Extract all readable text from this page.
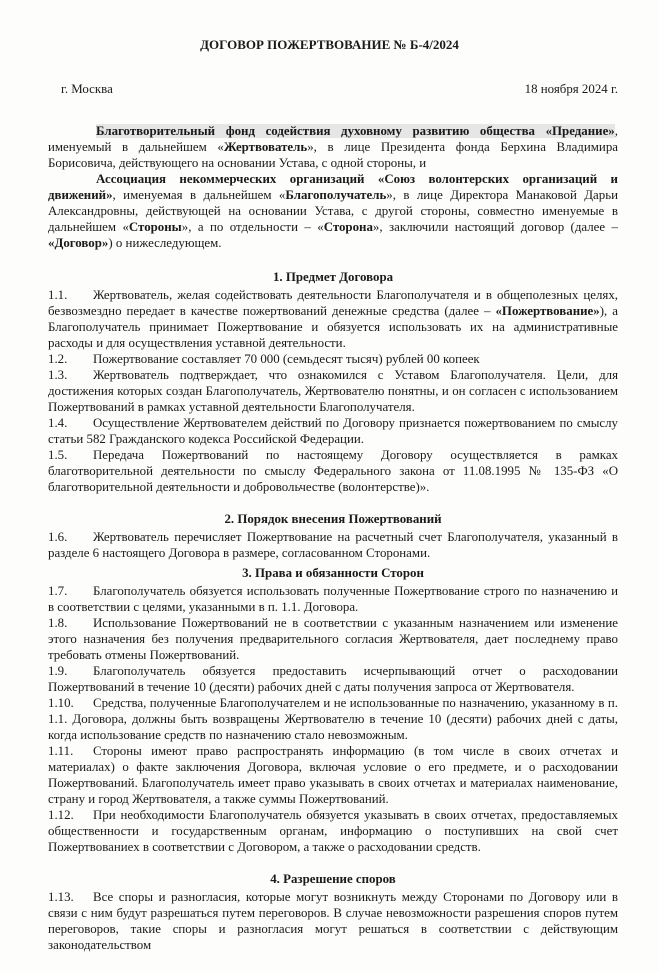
ДОГОВОР ПОЖЕРТВОВАНИЕ № Б-4/2024
г. Москва	18 ноября 2024 г.

Благотворительный фонд содействия духовному развитию общества «Предание», именуемый в дальнейшем «Жертвователь», в лице Президента фонда Берхина Владимира Борисовича, действующего на основании Устава, с одной стороны, и

Ассоциация некоммерческих организаций «Союз волонтерских организаций и движений», именуемая в дальнейшем «Благополучатель», в лице Директора Манаковой Дарьи Александровны, действующей на основании Устава, с другой стороны, совместно именуемые в дальнейшем «Стороны», а по отдельности – «Сторона», заключили настоящий договор (далее – «Договор») о нижеследующем.

1. Предмет Договора

1.1. Жертвователь, желая содействовать деятельности Благополучателя и в общеполезных целях, безвозмездно передает в качестве пожертвований денежные средства (далее – «Пожертвование»), а Благополучатель принимает Пожертвование и обязуется использовать их на административные расходы и для осуществления уставной деятельности.

1.2. Пожертвование составляет 70 000 (семьдесят тысяч) рублей 00 копеек

1.3. Жертвователь подтверждает, что ознакомился с Уставом Благополучателя. Цели, для достижения которых создан Благополучатель, Жертвователю понятны, и он согласен с использованием Пожертвований в рамках уставной деятельности Благополучателя.

1.4. Осуществление Жертвователем действий по Договору признается пожертвованием по смыслу статьи 582 Гражданского кодекса Российской Федерации.

1.5. Передача Пожертвований по настоящему Договору осуществляется в рамках благотворительной деятельности по смыслу Федерального закона от 11.08.1995 № 135-ФЗ «О благотворительной деятельности и добровольчестве (волонтерстве)».

2. Порядок внесения Пожертвований

1.6. Жертвователь перечисляет Пожертвование на расчетный счет Благополучателя, указанный в разделе 6 настоящего Договора в размере, согласованном Сторонами.

3. Права и обязанности Сторон

1.7. Благополучатель обязуется использовать полученные Пожертвование строго по назначению и в соответствии с целями, указанными в п. 1.1. Договора.

1.8. Использование Пожертвований не в соответствии с указанным назначением или изменение этого назначения без получения предварительного согласия Жертвователя, дает последнему право требовать отмены Пожертвований.

1.9. Благополучатель обязуется предоставить исчерпывающий отчет о расходовании Пожертвований в течение 10 (десяти) рабочих дней с даты получения запроса от Жертвователя.

1.10. Средства, полученные Благополучателем и не использованные по назначению, указанному в п. 1.1. Договора, должны быть возвращены Жертвователю в течение 10 (десяти) рабочих дней с даты, когда использование средств по назначению стало невозможным.

1.11. Стороны имеют право распространять информацию (в том числе в своих отчетах и материалах) о факте заключения Договора, включая условие о его предмете, и о расходовании Пожертвований. Благополучатель имеет право указывать в своих отчетах и материалах наименование, страну и город Жертвователя, а также суммы Пожертвований.

1.12. При необходимости Благополучатель обязуется указывать в своих отчетах, предоставляемых общественности и государственным органам, информацию о поступивших на свой счет Пожертвованиех в соответствии с Договором, а также о расходовании средств.

4. Разрешение споров

1.13. Все споры и разногласия, которые могут возникнуть между Сторонами по Договору или в связи с ним будут разрешаться путем переговоров. В случае невозможности разрешения споров путем переговоров, такие споры и разногласия могут решаться в соответствии с действующим законодательством
